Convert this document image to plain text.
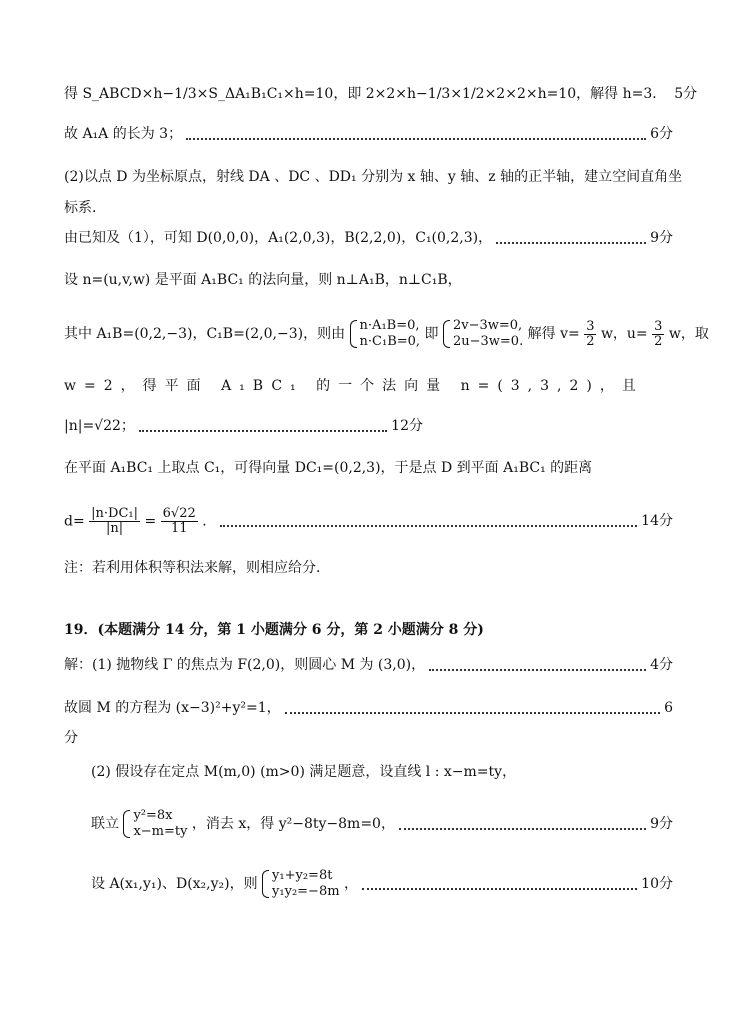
得 S_ABCD×h−1/3×S_ΔA₁B₁C₁×h=10，即 2×2×h−1/3×1/2×2×2×h=10，解得 h=3． 5分
故 A₁A 的长为 3；	6分
(2)以点 D 为坐标原点，射线 DA 、DC 、DD₁ 分别为 x 轴、y 轴、z 轴的正半轴，建立空间直角坐
标系．
由已知及（1），可知 D(0,0,0)，A₁(2,0,3)，B(2,2,0)，C₁(0,2,3)，	9分
设 n=(u,v,w) 是平面 A₁BC₁ 的法向量，则 n⊥A₁B，n⊥C₁B，
其中 A₁B=(0,2,−3)，C₁B=(2,0,−3)，则由
n·A₁B=0,
n·C₁B=0, 即
2v−3w=0,
2u−3w=0. 解得 $v= \frac{3}{2}$ w，$u= \frac{3}{2}$ w，取
w=2，得平面 A₁BC₁ 的一个法向量 n=(3,3,2)，且
|n|=√22；	12分
在平面 A₁BC₁ 上取点 C₁，可得向量 DC₁=(0,2,3)，于是点 D 到平面 A₁BC₁ 的距离
$d= \frac{\text{|n·DC₁|}}{|n|} = \frac{6√22}{11}$ ．	14分
注：若利用体积等积法来解，则相应给分．
19．(本题满分 14 分，第 1 小题满分 6 分，第 2 小题满分 8 分)
解：(1) 抛物线 Γ 的焦点为 F(2,0)，则圆心 M 为 (3,0)，	4分
故圆 M 的方程为 (x−3)²+y²=1，	6
分
(2) 假设存在定点 M(m,0) (m>0) 满足题意，设直线 l : x−m=ty，
联立
y²=8x
x−m=ty ，消去 x，得 y²−8ty−8m=0，	9分
设 A(x₁,y₁)、D(x₂,y₂)，则
y₁+y₂=8t
y₁y₂=−8m ，	10分
